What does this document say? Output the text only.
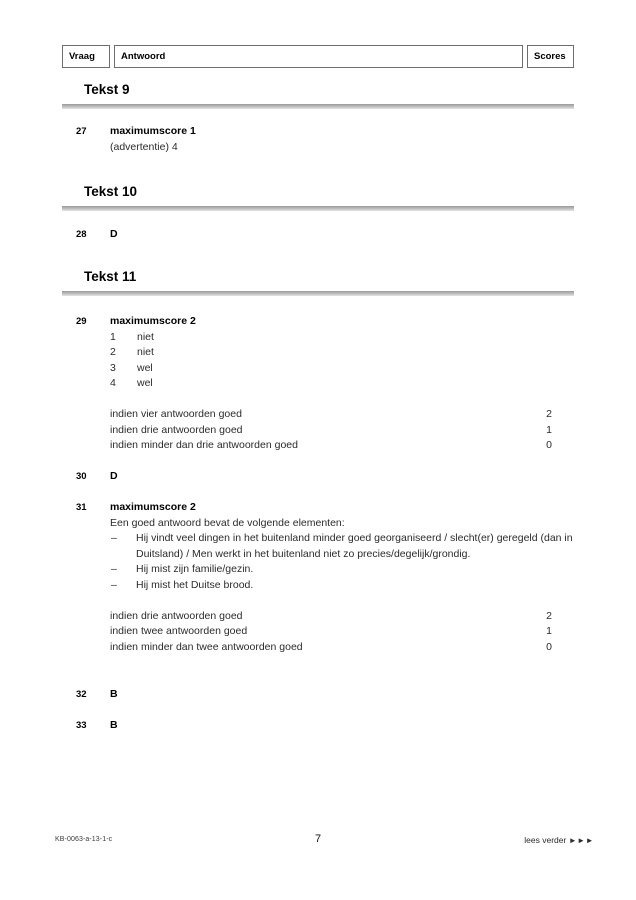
Vraag	Antwoord	Scores
Tekst 9
27	maximumscore 1
(advertentie) 4
Tekst 10
28	D
Tekst 11
29	maximumscore 2
1 niet
2 niet
3 wel
4 wel
indien vier antwoorden goed	2
indien drie antwoorden goed	1
indien minder dan drie antwoorden goed	0
30	D
31	maximumscore 2
Een goed antwoord bevat de volgende elementen:
– Hij vindt veel dingen in het buitenland minder goed georganiseerd / slecht(er) geregeld (dan in Duitsland) / Men werkt in het buitenland niet zo precies/degelijk/grondig.
– Hij mist zijn familie/gezin.
– Hij mist het Duitse brood.
indien drie antwoorden goed	2
indien twee antwoorden goed	1
indien minder dan twee antwoorden goed	0
32	B
33	B
KB-0063-a-13-1-c	7	lees verder ►►►
